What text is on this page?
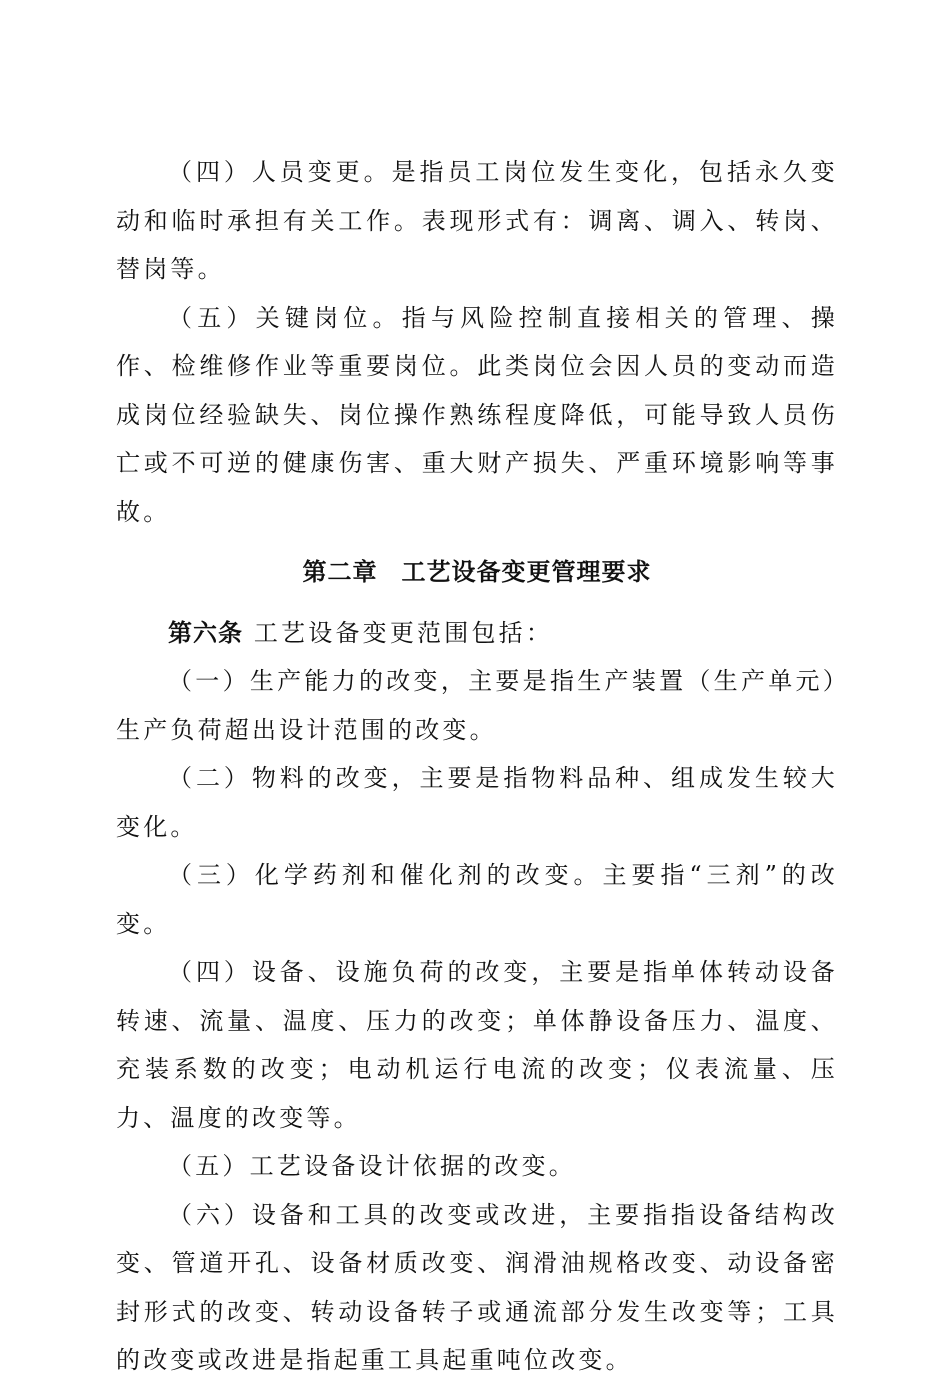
（四）人员变更。是指员工岗位发生变化，包括永久变动和临时承担有关工作。表现形式有：调离、调入、转岗、替岗等。

（五）关键岗位。指与风险控制直接相关的管理、操作、检维修作业等重要岗位。此类岗位会因人员的变动而造成岗位经验缺失、岗位操作熟练程度降低，可能导致人员伤亡或不可逆的健康伤害、重大财产损失、严重环境影响等事故。

第二章 工艺设备变更管理要求

第六条 工艺设备变更范围包括：

（一）生产能力的改变，主要是指生产装置（生产单元）生产负荷超出设计范围的改变。

（二）物料的改变，主要是指物料品种、组成发生较大变化。

（三）化学药剂和催化剂的改变。主要指“三剂”的改变。

（四）设备、设施负荷的改变，主要是指单体转动设备转速、流量、温度、压力的改变；单体静设备压力、温度、充装系数的改变；电动机运行电流的改变；仪表流量、压力、温度的改变等。

（五）工艺设备设计依据的改变。

（六）设备和工具的改变或改进，主要指指设备结构改变、管道开孔、设备材质改变、润滑油规格改变、动设备密封形式的改变、转动设备转子或通流部分发生改变等；工具的改变或改进是指起重工具起重吨位改变。
